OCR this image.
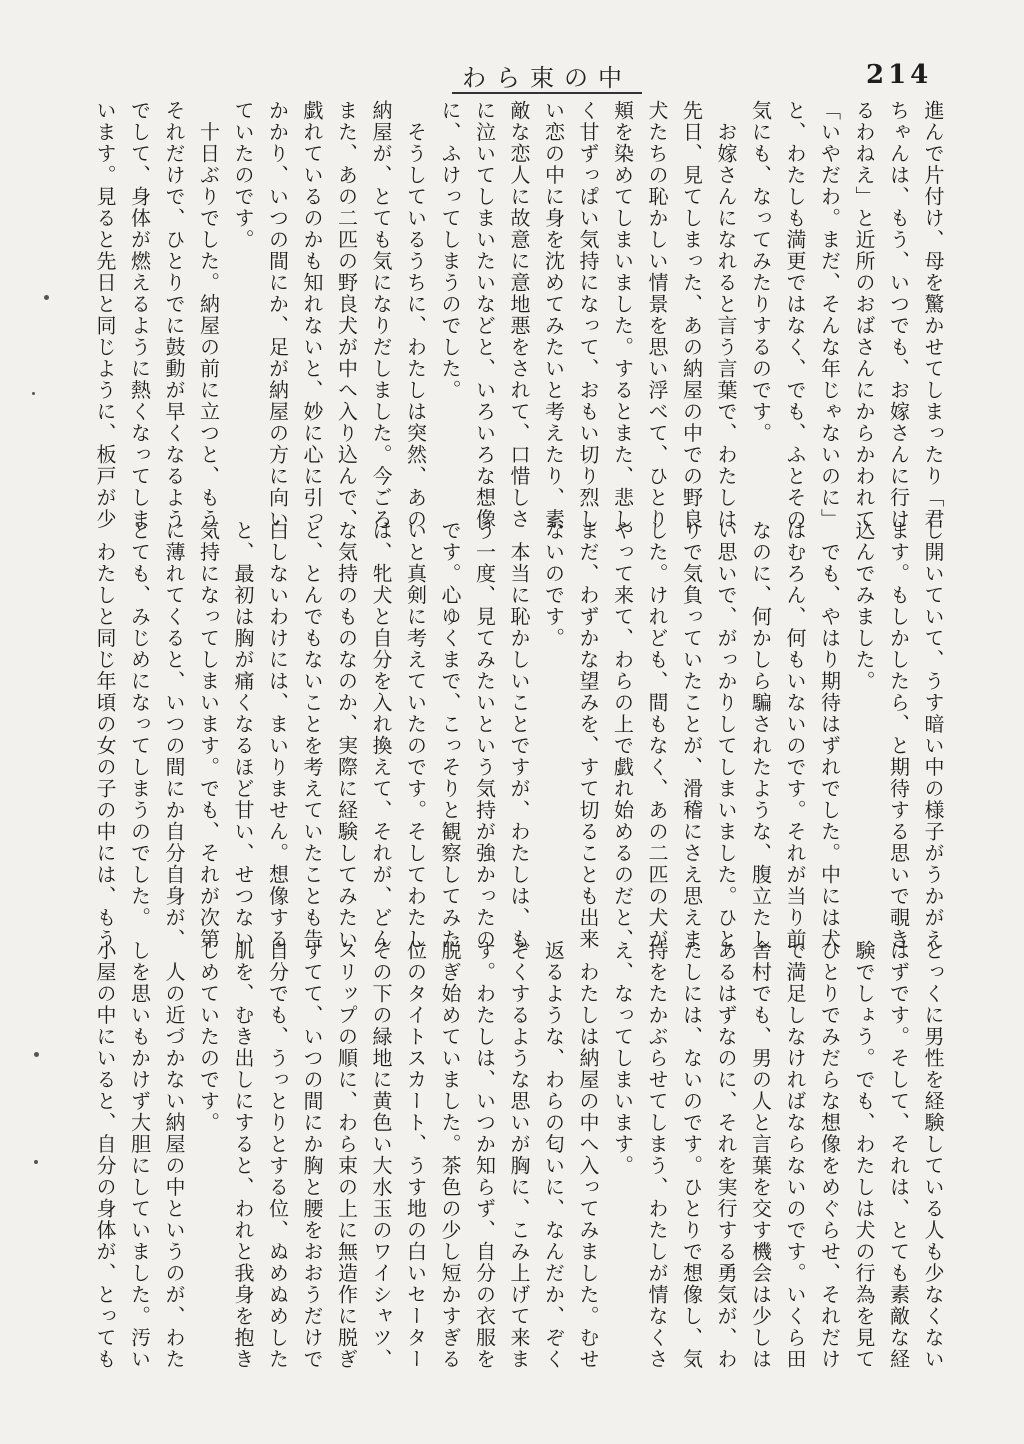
わら束の中	214
進んで片付け、母を驚かせてしまったり「君
ちゃんは、もう、いつでも、お嫁さんに行け
るわねえ」と近所のおばさんにからかわれて
「いやだわ。まだ、そんな年じゃないのに」
と、わたしも満更ではなく、でも、ふとその
気にも、なってみたりするのです。
　お嫁さんになれると言う言葉で、わたしは
先日、見てしまった、あの納屋の中での野良
犬たちの恥かしい情景を思い浮べて、ひとり
頬を染めてしまいました。するとまた、悲し
く甘ずっぱい気持になって、おもい切り烈し
い恋の中に身を沈めてみたいと考えたり、素
敵な恋人に故意に意地悪をされて、口惜しさ
に泣いてしまいたいなどと、いろいろな想像
に、ふけってしまうのでした。
　そうしているうちに、わたしは突然、あの
納屋が、とても気になりだしました。今ごろ
また、あの二匹の野良犬が中へ入り込んで、
戯れているのかも知れないと、妙に心に引っ
かかり、いつの間にか、足が納屋の方に向い
ていたのです。
　十日ぶりでした。納屋の前に立つと、もう
それだけで、ひとりでに鼓動が早くなるよう
でして、身体が燃えるように熱くなってしま
います。見ると先日と同じように、板戸が少
し開いていて、うす暗い中の様子がうかがえ
ます。もしかしたら、と期待する思いで覗き
込んでみました。
　でも、やはり期待はずれでした。中には犬
はむろん、何もいないのです。それが当り前
なのに、何かしら騙されたような、腹立たし
い思いで、がっかりしてしまいました。ひと
りで気負っていたことが、滑稽にさえ思えま
した。けれども、間もなく、あの二匹の犬が
やって来て、わらの上で戯れ始めるのだと、
まだ、わずかな望みを、すて切ることも出来
ないのです。
　本当に恥かしいことですが、わたしは、も
う一度、見てみたいという気持が強かったの
です。心ゆくまで、こっそりと観察してみた
いと真剣に考えていたのです。そしてわたし
は、牝犬と自分を入れ換えて、それが、どん
な気持のものなのか、実際に経験してみたい
と、とんでもないことを考えていたことも告
白しないわけには、まいりません。想像する
と、最初は胸が痛くなるほど甘い、せつない
気持になってしまいます。でも、それが次第
に薄れてくると、いつの間にか自分自身が、
とても、みじめになってしまうのでした。
　わたしと同じ年頃の女の子の中には、もう
とっくに男性を経験している人も少なくない
はずです。そして、それは、とても素敵な経
験でしょう。でも、わたしは犬の行為を見て
ひとりでみだらな想像をめぐらせ、それだけ
で満足しなければならないのです。いくら田
舎村でも、男の人と言葉を交す機会は少しは
あるはずなのに、それを実行する勇気が、わ
たしには、ないのです。ひとりで想像し、気
持をたかぶらせてしまう、わたしが情なくさ
え、なってしまいます。
　わたしは納屋の中へ入ってみました。むせ
返るような、わらの匂いに、なんだか、ぞく
ぞくするような思いが胸に、こみ上げて来ま
す。わたしは、いつか知らず、自分の衣服を
脱ぎ始めていました。茶色の少し短かすぎる
位のタイトスカート、うす地の白いセーター
その下の緑地に黄色い大水玉のワイシャツ、
スリップの順に、わら束の上に無造作に脱ぎ
すてて、いつの間にか胸と腰をおおうだけで
自分でも、うっとりとする位、ぬめぬめした
肌を、むき出しにすると、われと我身を抱き
しめていたのです。
　人の近づかない納屋の中というのが、わた
しを思いもかけず大胆にしていました。汚い
小屋の中にいると、自分の身体が、とっても
